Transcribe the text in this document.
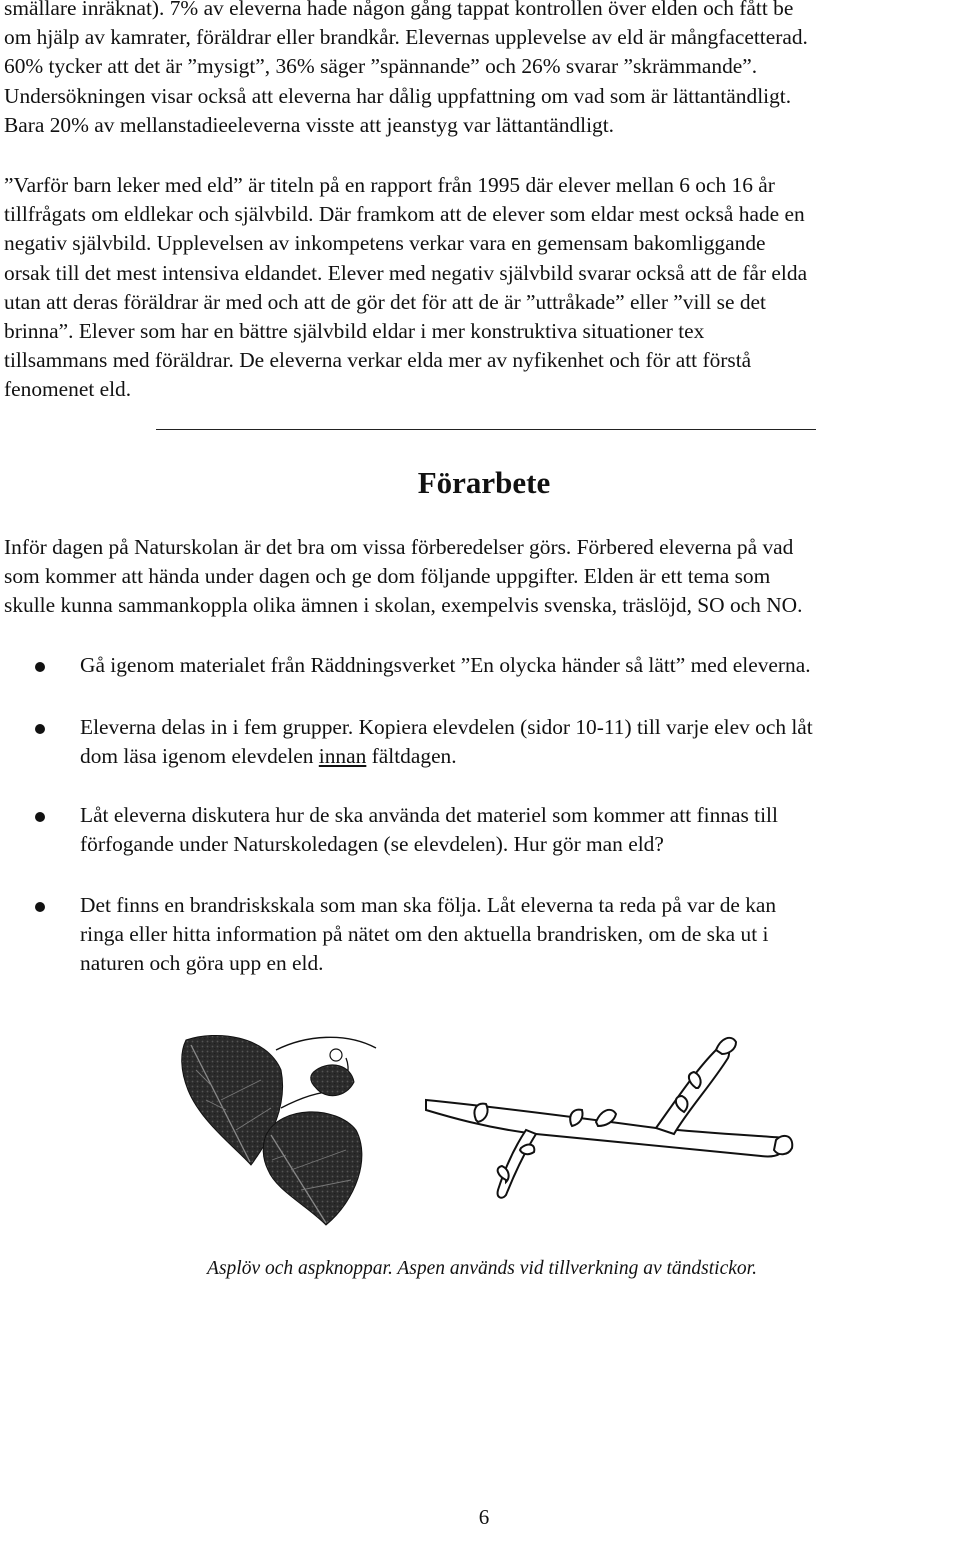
smällare inräknat). 7% av eleverna hade någon gång tappat kontrollen över elden och fått be
om hjälp av kamrater, föräldrar eller brandkår. Elevernas upplevelse av eld är mångfacetterad.
60% tycker att det är ”mysigt”, 36% säger ”spännande” och 26% svarar ”skrämmande”.
Undersökningen visar också att eleverna har dålig uppfattning om vad som är lättantändligt.
Bara 20% av mellanstadieeleverna visste att jeanstyg var lättantändligt.
”Varför barn leker med eld” är titeln på en rapport från 1995 där elever mellan 6 och 16 år
tillfrågats om eldlekar och självbild. Där framkom att de elever som eldar mest också hade en
negativ självbild. Upplevelsen av inkompetens verkar vara en gemensam bakomliggande
orsak till det mest intensiva eldandet. Elever med negativ självbild svarar också att de får elda
utan att deras föräldrar är med och att de gör det för att de är ”uttråkade” eller ”vill se det
brinna”. Elever som har en bättre självbild eldar i mer konstruktiva situationer tex
tillsammans med föräldrar. De eleverna verkar elda mer av nyfikenhet och för att förstå
fenomenet eld.
Förarbete
Inför dagen på Naturskolan är det bra om vissa förberedelser görs. Förbered eleverna på vad
som kommer att hända under dagen och ge dom följande uppgifter. Elden är ett tema som
skulle kunna sammankoppla olika ämnen i skolan, exempelvis svenska, träslöjd, SO och NO.
Gå igenom materialet från Räddningsverket ”En olycka händer så lätt” med eleverna.
Eleverna delas in i fem grupper. Kopiera elevdelen (sidor 10-11) till varje elev och låt
dom läsa igenom elevdelen innan fältdagen.
Låt eleverna diskutera hur de ska använda det materiel som kommer att finnas till
förfogande under Naturskoledagen (se elevdelen). Hur gör man eld?
Det finns en brandriskskala som man ska följa. Låt eleverna ta reda på var de kan
ringa eller hitta information på nätet om den aktuella brandrisken, om de ska ut i
naturen och göra upp en eld.
Asplöv och aspknoppar. Aspen används vid tillverkning av tändstickor.
6
